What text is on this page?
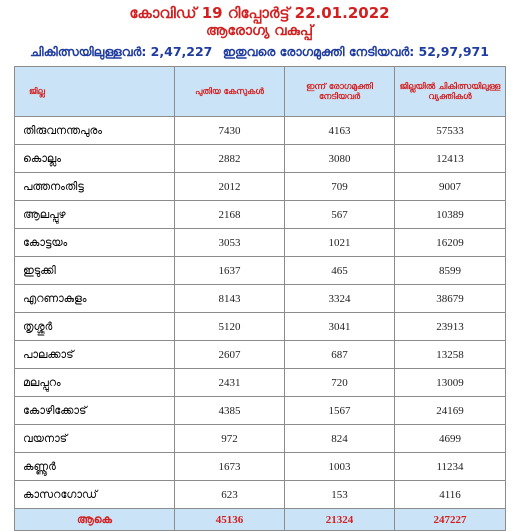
കോവിഡ് 19 റിപ്പോർട്ട് 22.01.2022
ആരോഗ്യ വകുപ്പ്
ചികിത്സയിലുള്ളവർ: 2,47,227 ഇതുവരെ രോഗമുക്തി നേടിയവർ: 52,97,971
ജില്ല	പുതിയ കേസുകൾ	ഇന്ന് രോഗമുക്തി നേടിയവർ	ജില്ലയിൽ ചികിത്സയിലുള്ള വ്യക്തികൾ
തിരുവനന്തപുരം	7430	4163	57533
കൊല്ലം	2882	3080	12413
പത്തനംതിട്ട	2012	709	9007
ആലപ്പുഴ	2168	567	10389
കോട്ടയം	3053	1021	16209
ഇടുക്കി	1637	465	8599
എറണാകുളം	8143	3324	38679
തൃശ്ശൂർ	5120	3041	23913
പാലക്കാട്	2607	687	13258
മലപ്പുറം	2431	720	13009
കോഴിക്കോട്	4385	1567	24169
വയനാട്	972	824	4699
കണ്ണൂർ	1673	1003	11234
കാസറഗോഡ്	623	153	4116
ആകെ	45136	21324	247227
